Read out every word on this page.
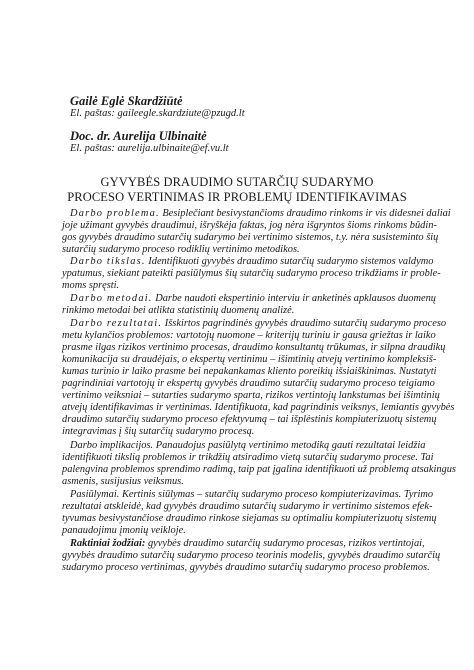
Gailė Eglė Skardžiūtė
El. paštas: gaileegle.skardziute@pzugd.lt
Doc. dr. Aurelija Ulbinaitė
El. paštas: aurelija.ulbinaite@ef.vu.lt
GYVYBĖS DRAUDIMO SUTARČIŲ SUDARYMO
PROCESO VERTINIMAS IR PROBLEMŲ IDENTIFIKAVIMAS
Darbo problema. Besiplečiant besivystančioms draudimo rinkoms ir vis didesnei daliai
joje užimant gyvybės draudimui, išryškėja faktas, jog nėra išgryntos šioms rinkoms būdin-
gos gyvybės draudimo sutarčių sudarymo bei vertinimo sistemos, t.y. nėra susisteminto šių
sutarčių sudarymo proceso rodiklių vertinimo metodikos.
Darbo tikslas. Identifikuoti gyvybės draudimo sutarčių sudarymo sistemos valdymo
ypatumus, siekiant pateikti pasiūlymus šių sutarčių sudarymo proceso trikdžiams ir proble-
moms spręsti.
Darbo metodai. Darbe naudoti ekspertinio interviu ir anketinės apklausos duomenų
rinkimo metodai bei atlikta statistinių duomenų analizė.
Darbo rezultatai. Išskirtos pagrindinės gyvybės draudimo sutarčių sudarymo proceso
metu kylančios problemos: vartotojų nuomone – kriterijų turiniu ir gausa griežtas ir laiko
prasme ilgas rizikos vertinimo procesas, draudimo konsultantų trūkumas, ir silpna draudikų
komunikacija su draudėjais, o ekspertų vertinimu – išimtinių atvejų vertinimo kompleksiš-
kumas turinio ir laiko prasme bei nepakankamas kliento poreikių išsiaiškinimas. Nustatyti
pagrindiniai vartotojų ir ekspertų gyvybės draudimo sutarčių sudarymo proceso teigiamo
vertinimo veiksniai – sutarties sudarymo sparta, rizikos vertintojų lankstumas bei išimtinių
atvejų identifikavimas ir vertinimas. Identifikuota, kad pagrindinis veiksnys, lemiantis gyvybės
draudimo sutarčių sudarymo proceso efektyvumą – tai išplėstinis kompiuterizuotų sistemų
integravimas į šių sutarčių sudarymo procesą.
Darbo implikacijos. Panaudojus pasiūlytą vertinimo metodiką gauti rezultatai leidžia
identifikuoti tikslią problemos ir trikdžių atsiradimo vietą sutarčių sudarymo procese. Tai
palengvina problemos sprendimo radimą, taip pat įgalina identifikuoti už problemą atsakingus
asmenis, susijusius veiksmus.
Pasiūlymai. Kertinis siūlymas – sutarčių sudarymo proceso kompiuterizavimas. Tyrimo
rezultatai atskleidė, kad gyvybės draudimo sutarčių sudarymo ir vertinimo sistemos efek-
tyvumas besivystančiose draudimo rinkose siejamas su optimaliu kompiuterizuotų sistemų
panaudojimu įmonių veikloje.
Raktiniai žodžiai: gyvybės draudimo sutarčių sudarymo procesas, rizikos vertintojai,
gyvybės draudimo sutarčių sudarymo proceso teorinis modelis, gyvybės draudimo sutarčių
sudarymo proceso vertinimas, gyvybės draudimo sutarčių sudarymo proceso problemos.
